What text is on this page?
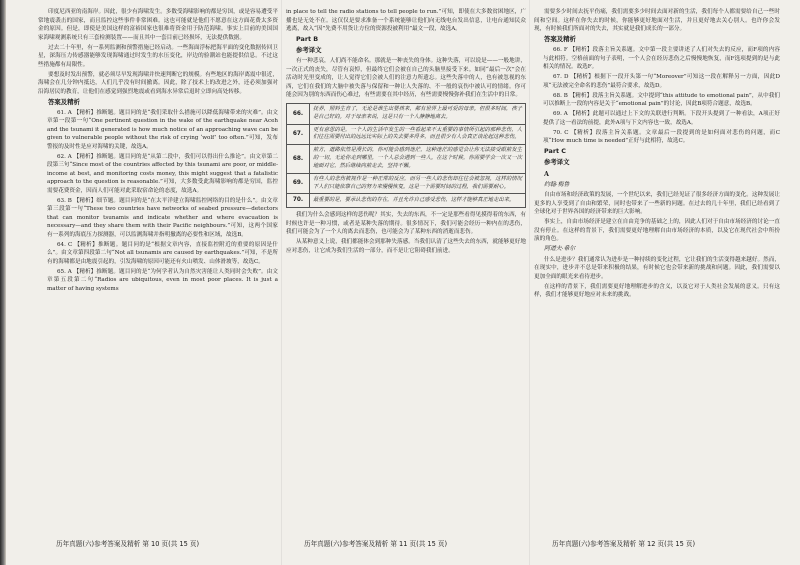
印度尼西亚的南海岸。因此，很少有海啸发生。多数受海啸影响的都是穷国，或是容易遭受平常地震袭击的国家，而且监控这些事件非常困难。这也可能就是他们不愿意在这方面花费太多资金的原因。但是，即使是美国这样的富裕国家也很难将资金用于防范海啸。事实上目前的美国国家海啸观测系统只有三套检测装置——而且其中一套目前已经损坏，无法提供数据。

过去二十年里，有一系列监测和预警措施已经启动。一些海面浮标把海平面的变化数据传回卫星，深海压力传感器能够发现海啸通过时发生的水压变化，岸边的验潮站也能提供信息。不过这些措施都有局限性。

要想及时发出预警，就必须尽早发现海啸并快速判断它的规模。有些地区的海岸离震中很近，海啸会在几分钟内抵达，人们几乎没有时间撤离。因此，除了技术上的改进之外，还必须加强对沿海居民的教育，让他们在感觉到强烈地震或看到海水异常后退时立即向高处转移。

答案及精析

61. A 【精析】推断题。题目问的是“我们采取什么措施可以降低海啸带来的灾难”。由文章第一段第一句“One pertinent question in the wake of the earthquake near Aceh and the tsunami it generated is how much notice of an approaching wave can be given to vulnerable people without the risk of crying ‘wolf’ too often.”可知，发布警报的及时性是应对海啸的关键，故选A。

62. A 【精析】推断题。题目问的是“从第二段中，我们可以得出什么推论”。由文章第二段第三句“Since most of the countries affected by this tsunami are poor, or middle-income at best, and monitoring costs money, this might suggest that a fatalistic approach to the question is reasonable.”可知，大多数受此海啸影响的都是穷国，监控需要花费资金，因而人们可能对此采取宿命论的态度，故选A。

63. B 【精析】细节题。题目问的是“在太平洋建立海啸监控网络的目的是什么”。由文章第三段第一句“These two countries have networks of seabed pressure—detectors that can monitor tsunamis and indicate whether and where evacuation is necessary—and they share them with their Pacific neighbours.”可知，这两个国家有一系列的海底压力探测器，可以监测海啸并指明撤离的必要性和区域，故选B。

64. C 【精析】推断题。题目问的是“根据文章内容，直接监控附近的重要的原因是什么”。由文章第四段第二句“Not all tsunamis are caused by earthquakes.”可知，不是所有的海啸都是由地震引起的，引发海啸的原因可能还有火山喷发、山体滑坡等，故选C。

65. A 【精析】推断题。题目问的是“为何学者认为自然灾害能让人类同时会失败”。由文章第五段第二句“Radios are ubiquitous, even in most poor places. It is just a matter of having systems

in place to tell the radio stations to tell people to run.”可知，即使在大多数贫困地区，广播也是无处不在。这仅仅是要求准备一个系统能够让他们向无线电台发出信息，让电台通知民众逃离，故入“因”先费不用货让方位的资源投被利用”最文一段，故选A。

Part B

参考译文

有一种悲哀，人们尚不能命名。那就是一种丧失的身体。这种失落，可以说是——一般地讲，一次正式的丧失，尽管有哀悼，但最终它们会被在自己的头脑里接受下来。如同“最后一次”会在活动时光里变成的，让人觉得它们会被人们的注意力所遗忘。这些失落中的人，也有被忽视的东西，它们在我们的大脑中被失落与保留和一种让人失落的、不一般的哀伤中被认可的情绪。你可能会因为别的东西而伤心难过，有些需要在其中经历，有些需要慢慢弥补我们在生活中的日常。

66.	抚养，照料生育了，无论是谁生出婴孩来，都有世界上最可爱的母亲。但很多时间，孩子是自己好的。对于母亲来说，这是只有一个人静静地离去。
67.	更有意思的是，一个人的生活中发生的一些看起来不太重要的事情所引起的那种悲伤，人们往往需要付出的远远比实际上的失去要多得多，而且很少有人会真正谈论起这种悲伤。
68.	前方，道路依然是漫长的，你可能会感到迷茫，这种迷茫的感觉会让你无法接受眼前发生的一切。无论你走到哪里，一个人总会遇到一些人。在这个时候，你需要学会一次又一次地面对它，然后继续向前走去，坚持不懈。
69.	有些人的悲伤被视作是一种正常的反应，而另一些人的悲伤却往往会被忽视，这样的情况下人们只能依靠自己的努力来慢慢恢复。这是一个需要时间的过程，我们需要耐心。
70.	最重要的是，要承认悲伤的存在，并且允许自己感受悲伤，这样才能够真正地走出来。

我们为什么会感到这样的悲伤呢？其实，失去的东西，不一定是那些看得见摸得着的东西，有时候也许是一种习惯，或者是某种失落的期待。很多情况下，我们可能会经历一种内在的悲伤，我们可能会为了一个人的离去而悲伤，也可能会为了某种东西的消逝而悲伤。

从某种意义上说，我们都能体会到那种失落感。当我们认清了这些失去的东西，就能够更好地应对悲伤，让它成为我们生活的一部分，而不是让它阻碍我们前进。

需要多少时间去抚平伤痛，我们需要多少时间去面对新的生活，我们每个人都需要给自己一些时间和空间。这样在你失去的时候，你能够更好地面对生活，并且更好地去关心别人。也许你会发现，有时候我们所面对的失去，其实就是我们成长的一部分。

答案及精析

66. F 【精析】段落主旨关系题。文中第一段主要讲述了人们对失去的反应，而F项的内容与此相符。空格前面的句子表明，一个人会在经历悲伤之后慢慢地恢复，而F选项提到的是与此相关的情况。故选F。

67. D 【精析】根据下一段开头第一句“Moreover”可知这一段在解释另一方面，因此D项“无法被完全命名的悲伤”最符合要求，故选D。

68. B 【精析】段落主旨关系题。文中提到“this attitude to emotional pain”，从中我们可以推断上一段的内容是关于“emotional pain”的讨论，因此B项符合题意，故选B。

69. A 【精析】此题可以通过上下文的关联进行判断。下段开头提到了一种看法，A项正好提供了这一看法的前提，此外A项与下文内容也一致，故选A。

70. C 【精析】段落主旨关系题。文章最后一段提到的是如何面对悲伤的问题，而C项“How much time is needed”正好与此相符，故选C。

Part C

参考译文

A

约翰·梅鲁

自由市场和经济政策的发展，一个世纪以来，我们已经见证了很多经济方面的变化。这种发展让更多的人享受到了自由和繁荣，同时也带来了一些新的问题。在过去的几十年里，我们已经看到了全球化对于世界各国的经济带来的巨大影响。

事实上，自由市场经济是建立在自由竞争的基础之上的，因此人们对于自由市场经济的讨论一直没有停止。在这样的背景下，我们需要更好地理解自由市场经济的本质，以及它在现代社会中所扮演的角色。

阿道夫·希尔

什么是进步？我们通常认为进步是一种持续的变化过程，它让我们的生活变得越来越好。然而，在现实中，进步并不总是带来积极的结果，有时候它也会带来新的挑战和问题。因此，我们需要以更加全面的眼光来看待进步。

在这样的背景下，我们需要更好地理解进步的含义，以及它对于人类社会发展的意义。只有这样，我们才能够更好地应对未来的挑战。

历年真题(六)参考答案及精析 第 10 页(共 15 页)	历年真题(六)参考答案及精析 第 11 页(共 15 页)	历年真题(六)参考答案及精析 第 12 页(共 15 页)
